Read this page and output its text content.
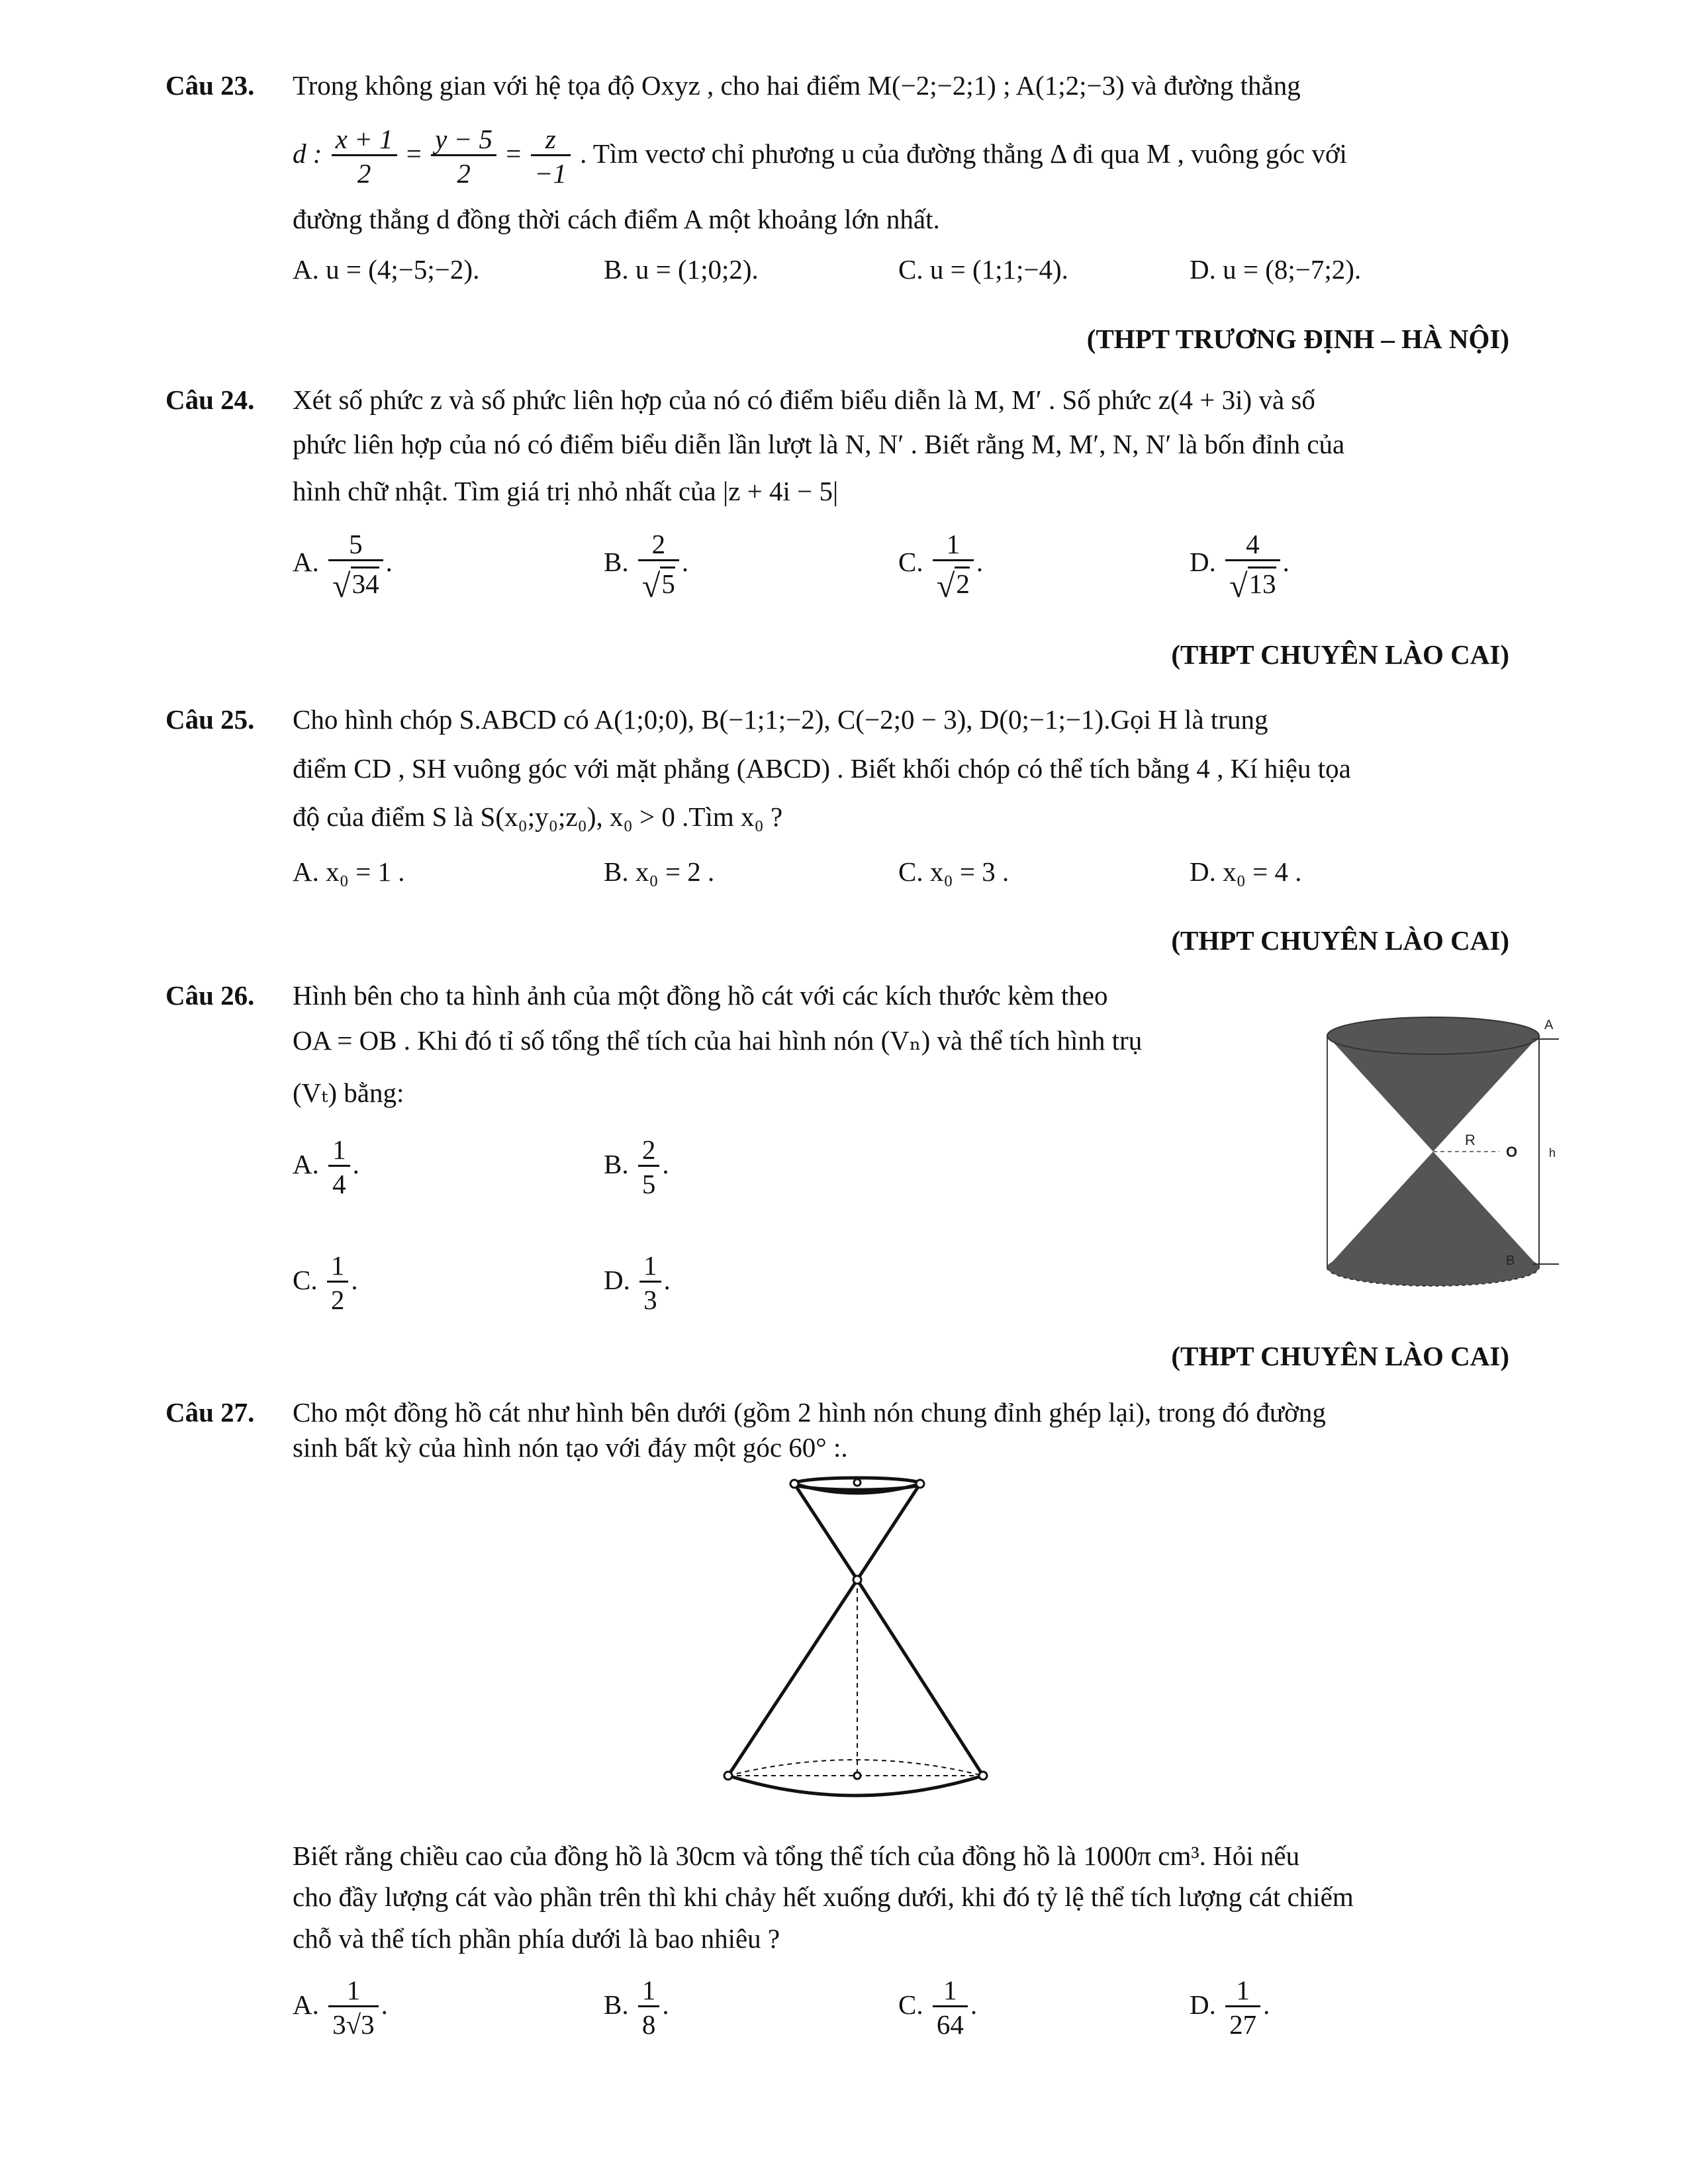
Câu 23. Trong không gian với hệ tọa độ Oxyz , cho hai điểm M(−2;−2;1) ; A(1;2;−3) và đường thẳng
d : $\frac{x + 1}{2} = \frac{y - 5}{2} = \frac{z}{-1}$ . Tìm vectơ chỉ phương u của đường thẳng Δ đi qua M , vuông góc với
đường thẳng d đồng thời cách điểm A một khoảng lớn nhất.
A. u = (4;−5;−2).	B. u = (1;0;2).	C. u = (1;1;−4).	D. u = (8;−7;2).
(THPT TRƯƠNG ĐỊNH – HÀ NỘI)
Câu 24. Xét số phức z và số phức liên hợp của nó có điểm biểu diễn là M, M′ . Số phức z(4 + 3i) và số
phức liên hợp của nó có điểm biểu diễn lần lượt là N, N′ . Biết rằng M, M′, N, N′ là bốn đỉnh của
hình chữ nhật. Tìm giá trị nhỏ nhất của |z + 4i − 5|
A. $\frac{5}{√34}$ .	B. $\frac{2}{√5}$ .	C. $\frac{1}{√2}$ .	D. $\frac{4}{√13}$ .
(THPT CHUYÊN LÀO CAI)
Câu 25. Cho hình chóp S.ABCD có A(1;0;0), B(−1;1;−2), C(−2;0 − 3), D(0;−1;−1).Gọi H là trung
điểm CD , SH vuông góc với mặt phẳng (ABCD) . Biết khối chóp có thể tích bằng 4 , Kí hiệu tọa
độ của điểm S là S(x₀;y₀;z₀), x₀ > 0 .Tìm x₀ ?
A. x₀ = 1 .	B. x₀ = 2 .	C. x₀ = 3 .	D. x₀ = 4 .
(THPT CHUYÊN LÀO CAI)
Câu 26. Hình bên cho ta hình ảnh của một đồng hồ cát với các kích thước kèm theo
OA = OB . Khi đó tỉ số tổng thể tích của hai hình nón (Vₙ) và thể tích hình trụ
(Vₜ) bằng:
A. $\frac{1}{4}$ .	B. $\frac{2}{5}$ .
C. $\frac{1}{2}$ .	D. $\frac{1}{3}$ .
R
A
O
B
h
(THPT CHUYÊN LÀO CAI)
Câu 27. Cho một đồng hồ cát như hình bên dưới (gồm 2 hình nón chung đỉnh ghép lại), trong đó đường
sinh bất kỳ của hình nón tạo với đáy một góc 60° :.
Biết rằng chiều cao của đồng hồ là 30cm và tổng thể tích của đồng hồ là 1000π cm³. Hỏi nếu
cho đầy lượng cát vào phần trên thì khi chảy hết xuống dưới, khi đó tỷ lệ thể tích lượng cát chiếm
chỗ và thể tích phần phía dưới là bao nhiêu ?
A. $\frac{1}{3√3}$ .	B. $\frac{1}{8}$ .	C. $\frac{1}{64}$ .	D. $\frac{1}{27}$ .
